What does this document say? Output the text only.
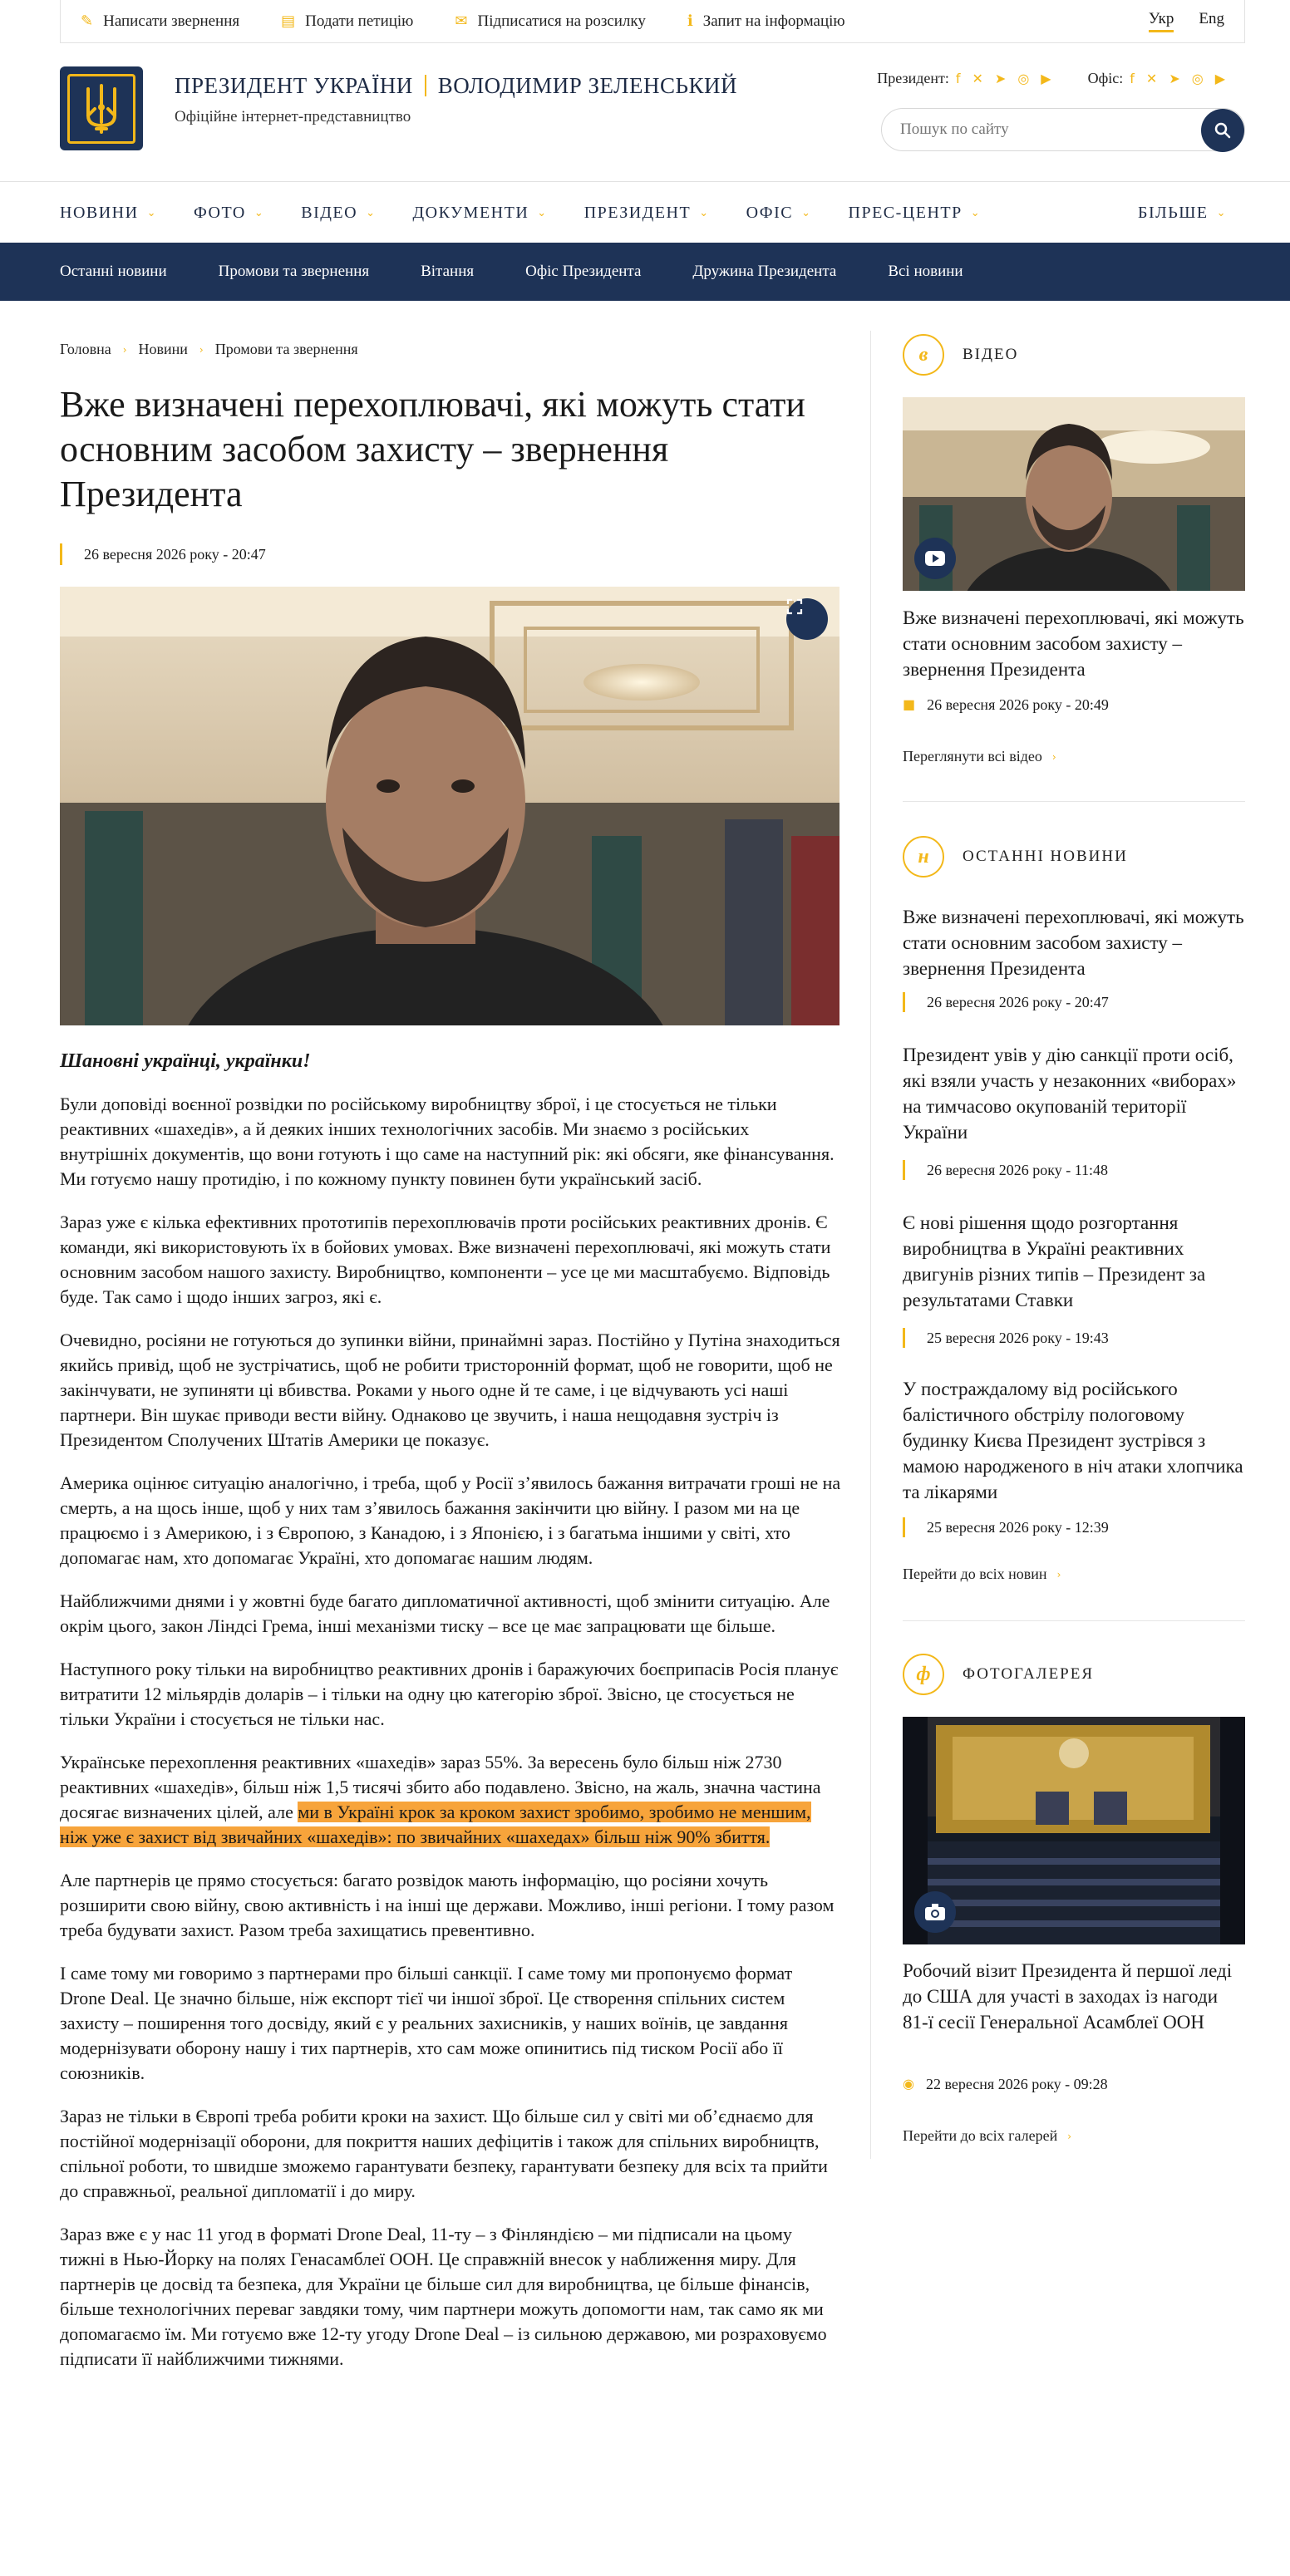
✎ Написати звернення	▤ Подати петицію	✉ Підписатися на розсилку	ℹ Запит на інформацію	Укр Eng
ПРЕЗИДЕНТ УКРАЇНИ ВОЛОДИМИР ЗЕЛЕНСЬКИЙ
Офіційне інтернет-представництво
Президент: f ✕ ➤ ◎ ▶ Офіс: f ✕ ➤ ◎ ▶
Пошук по сайту
НОВИНИ ⌄ ФОТО ⌄ ВІДЕО ⌄ ДОКУМЕНТИ ⌄ ПРЕЗИДЕНТ ⌄ ОФІС ⌄ ПРЕС-ЦЕНТР ⌄	БІЛЬШЕ ⌄
Останні новини	Промови та звернення	Вітання	Офіс Президента	Дружина Президента	Всі новини
Головна › Новини › Промови та звернення
Вже визначені перехоплювачі, які можуть стати основним засобом захисту – звернення Президента
26 вересня 2026 року - 20:47

Шановні українці, українки!

Були доповіді воєнної розвідки по російському виробництву зброї, і це стосується не тільки реактивних «шахедів», а й деяких інших технологічних засобів. Ми знаємо з російських внутрішніх документів, що вони готують і що саме на наступний рік: які обсяги, яке фінансування. Ми готуємо нашу протидію, і по кожному пункту повинен бути український засіб.

Зараз уже є кілька ефективних прототипів перехоплювачів проти російських реактивних дронів. Є команди, які використовують їх в бойових умовах. Вже визначені перехоплювачі, які можуть стати основним засобом нашого захисту. Виробництво, компоненти – усе це ми масштабуємо. Відповідь буде. Так само і щодо інших загроз, які є.

Очевидно, росіяни не готуються до зупинки війни, принаймні зараз. Постійно у Путіна знаходиться якийсь привід, щоб не зустрічатись, щоб не робити тристоронній формат, щоб не говорити, щоб не закінчувати, не зупиняти ці вбивства. Роками у нього одне й те саме, і це відчувають усі наші партнери. Він шукає приводи вести війну. Однаково це звучить, і наша нещодавня зустріч із Президентом Сполучених Штатів Америки це показує.

Америка оцінює ситуацію аналогічно, і треба, щоб у Росії з’явилось бажання витрачати гроші не на смерть, а на щось інше, щоб у них там з’явилось бажання закінчити цю війну. І разом ми на це працюємо і з Америкою, і з Європою, з Канадою, і з Японією, і з багатьма іншими у світі, хто допомагає нам, хто допомагає Україні, хто допомагає нашим людям.

Найближчими днями і у жовтні буде багато дипломатичної активності, щоб змінити ситуацію. Але окрім цього, закон Ліндсі Грема, інші механізми тиску – все це має запрацювати ще більше.

Наступного року тільки на виробництво реактивних дронів і баражуючих боєприпасів Росія планує витратити 12 мільярдів доларів – і тільки на одну цю категорію зброї. Звісно, це стосується не тільки України і стосується не тільки нас.

Українське перехоплення реактивних «шахедів» зараз 55%. За вересень було більш ніж 2730 реактивних «шахедів», більш ніж 1,5 тисячі збито або подавлено. Звісно, на жаль, значна частина досягає визначених цілей, але ми в Україні крок за кроком захист зробимо, зробимо не меншим, ніж уже є захист від звичайних «шахедів»: по звичайних «шахедах» більш ніж 90% збиття.

Але партнерів це прямо стосується: багато розвідок мають інформацію, що росіяни хочуть розширити свою війну, свою активність і на інші ще держави. Можливо, інші регіони. І тому разом треба будувати захист. Разом треба захищатись превентивно.

І саме тому ми говоримо з партнерами про більші санкції. І саме тому ми пропонуємо формат Drone Deal. Це значно більше, ніж експорт тієї чи іншої зброї. Це створення спільних систем захисту – поширення того досвіду, який є у реальних захисників, у наших воїнів, це завдання модернізувати оборону нашу і тих партнерів, хто сам може опинитись під тиском Росії або її союзників.

Зараз не тільки в Європі треба робити кроки на захист. Що більше сил у світі ми об’єднаємо для постійної модернізації оборони, для покриття наших дефіцитів і також для спільних виробництв, спільної роботи, то швидше зможемо гарантувати безпеку, гарантувати безпеку для всіх та прийти до справжньої, реальної дипломатії і до миру.

Зараз вже є у нас 11 угод в форматі Drone Deal, 11-ту – з Фінляндією – ми підписали на цьому тижні в Нью-Йорку на полях Генасамблеї ООН. Це справжній внесок у наближення миру. Для партнерів це досвід та безпека, для України це більше сил для виробництва, це більше фінансів, більше технологічних переваг завдяки тому, чим партнери можуть допомогти нам, так само як ми допомагаємо їм. Ми готуємо вже 12-ту угоду Drone Deal – із сильною державою, ми розраховуємо підписати її найближчими тижнями.

в	ВІДЕО
Вже визначені перехоплювачі, які можуть стати основним засобом захисту – звернення Президента
■ 26 вересня 2026 року - 20:49
Переглянути всі відео ›
н	ОСТАННІ НОВИНИ
Вже визначені перехоплювачі, які можуть стати основним засобом захисту – звернення Президента
26 вересня 2026 року - 20:47
Президент увів у дію санкції проти осіб, які взяли участь у незаконних «виборах» на тимчасово окупованій території України
26 вересня 2026 року - 11:48
Є нові рішення щодо розгортання виробництва в Україні реактивних двигунів різних типів – Президент за результатами Ставки
25 вересня 2026 року - 19:43
У постраждалому від російського балістичного обстрілу пологовому будинку Києва Президент зустрівся з мамою народженого в ніч атаки хлопчика та лікарями
25 вересня 2026 року - 12:39
Перейти до всіх новин ›
ф	ФОТОГАЛЕРЕЯ
Робочий візит Президента й першої леді до США для участі в заходах із нагоди 81-ї сесії Генеральної Асамблеї ООН
◉ 22 вересня 2026 року - 09:28
Перейти до всіх галерей ›
